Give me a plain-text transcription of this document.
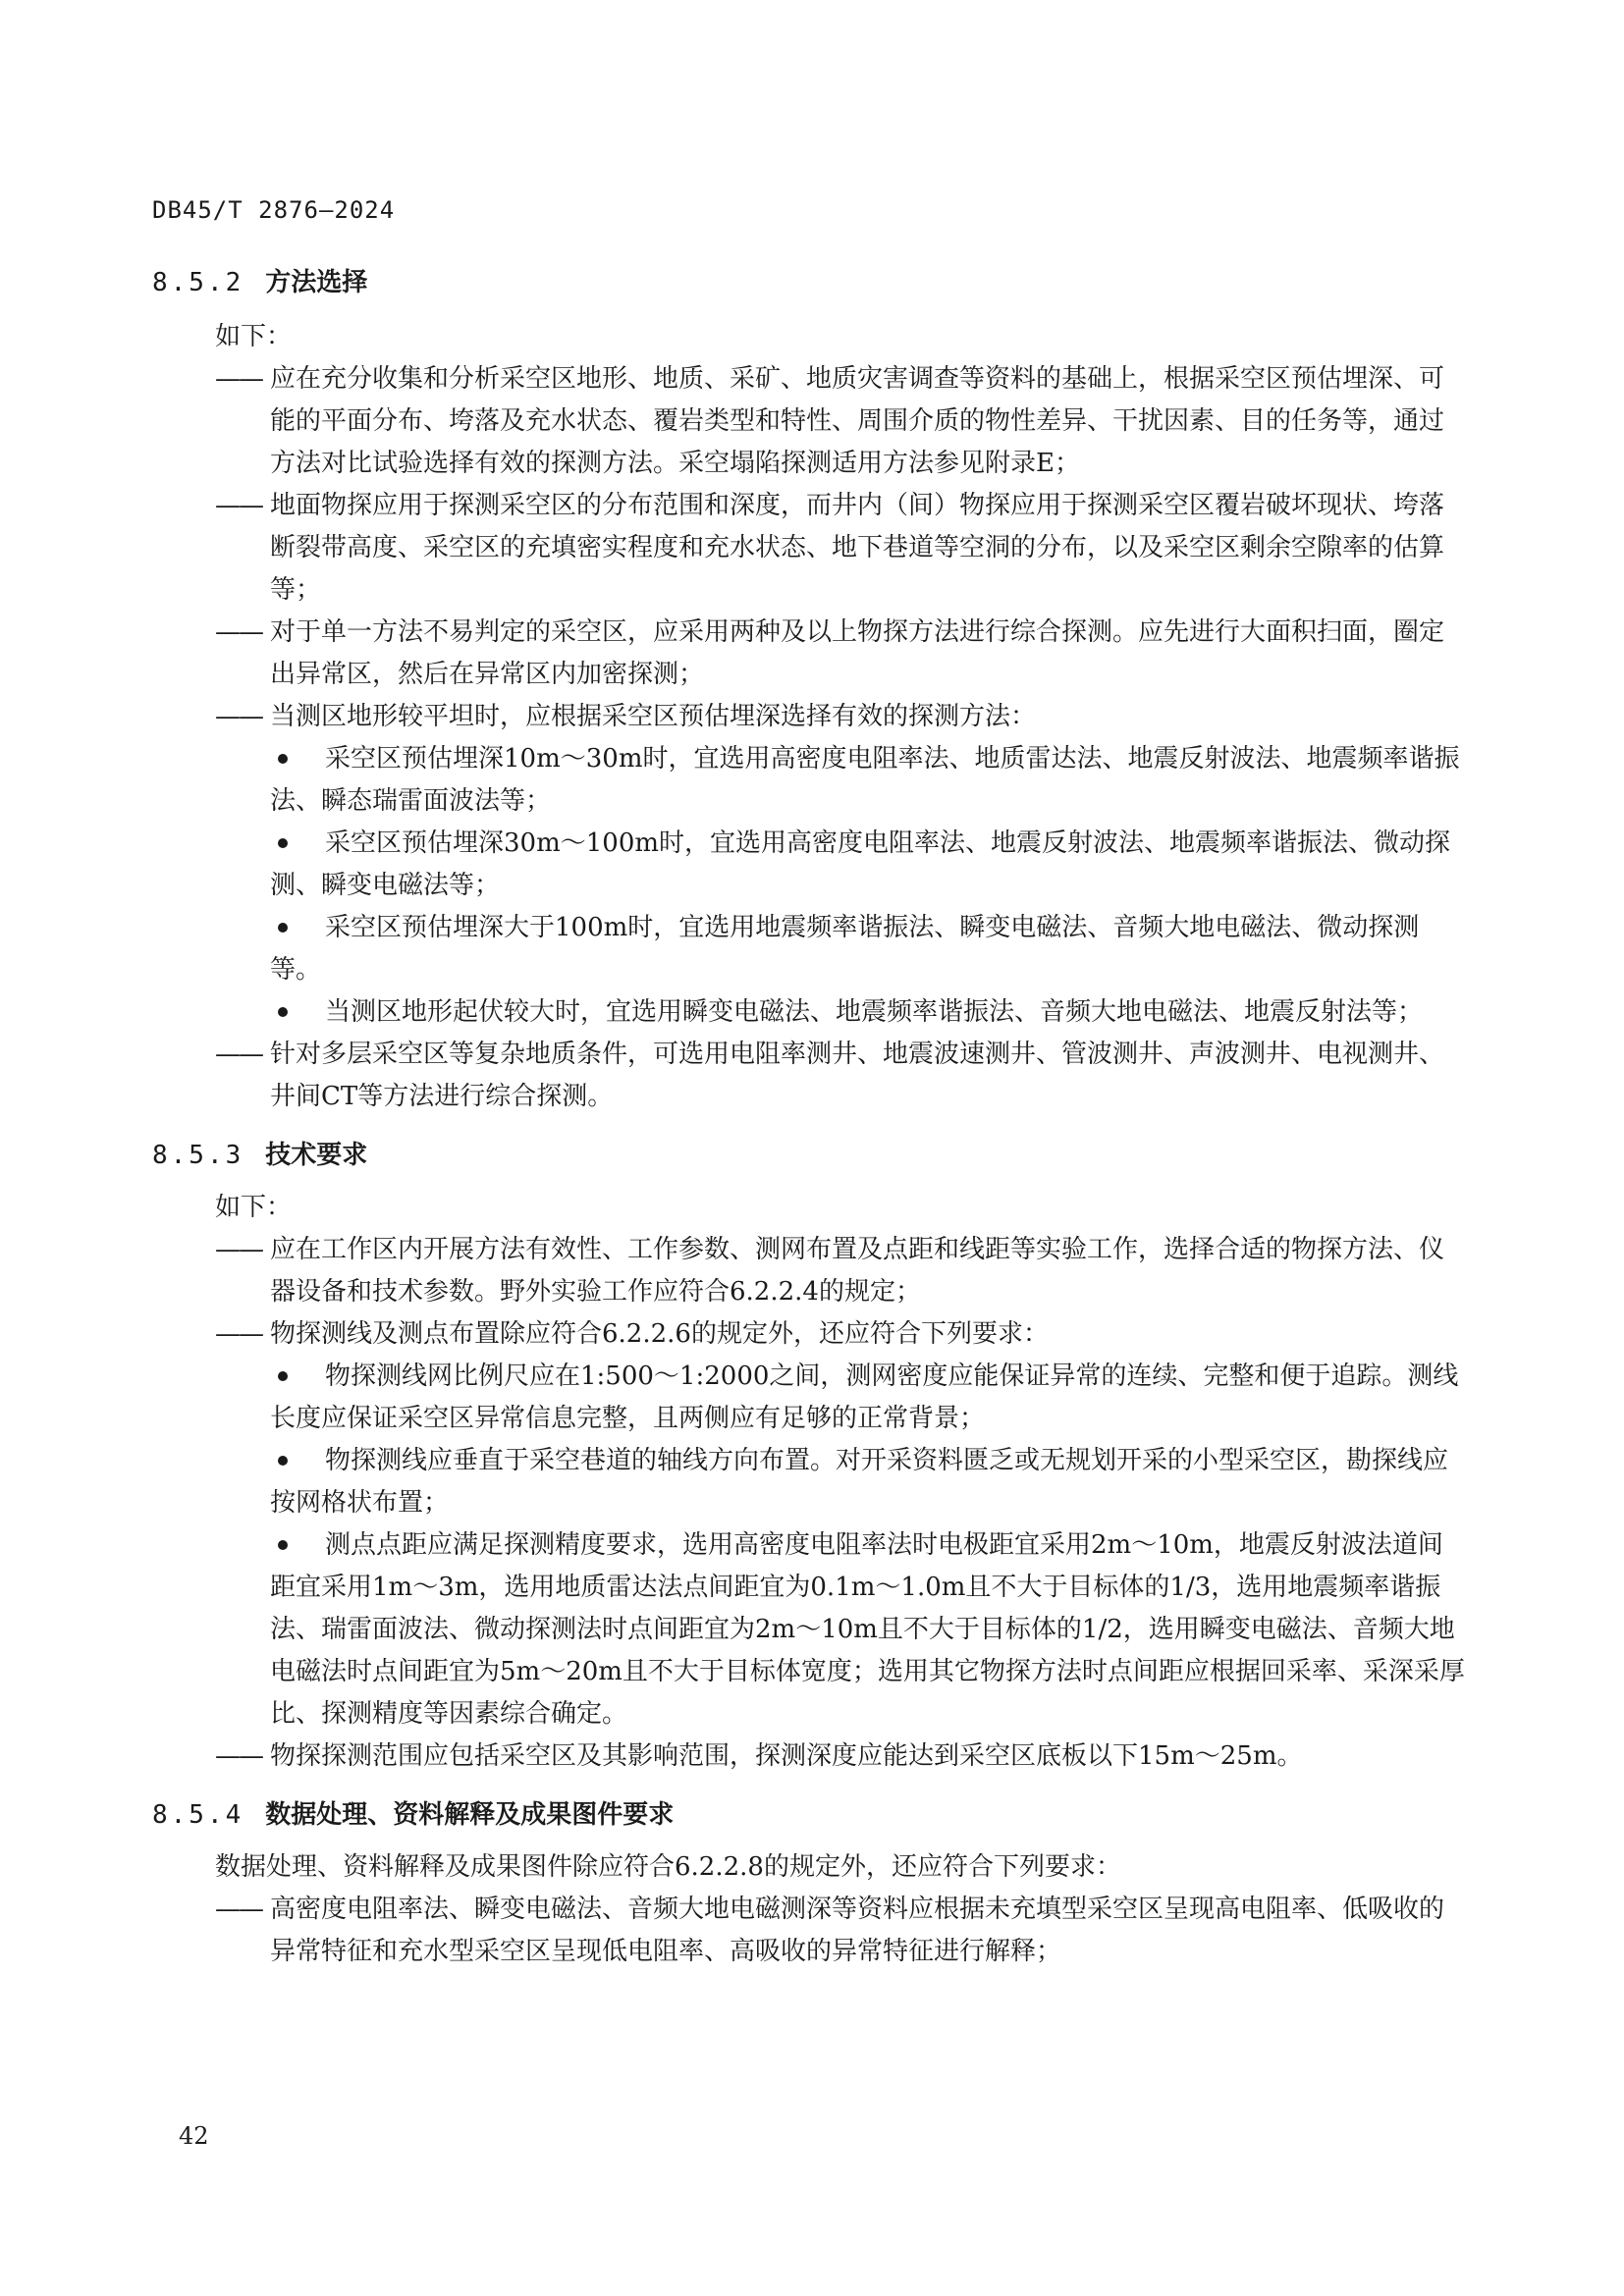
DB45/T 2876—2024

8.5.2 方法选择

如下：

—— 应在充分收集和分析采空区地形、地质、采矿、地质灾害调查等资料的基础上，根据采空区预估埋深、可能的平面分布、垮落及充水状态、覆岩类型和特性、周围介质的物性差异、干扰因素、目的任务等，通过方法对比试验选择有效的探测方法。采空塌陷探测适用方法参见附录E；

—— 地面物探应用于探测采空区的分布范围和深度，而井内（间）物探应用于探测采空区覆岩破坏现状、垮落断裂带高度、采空区的充填密实程度和充水状态、地下巷道等空洞的分布，以及采空区剩余空隙率的估算等；

—— 对于单一方法不易判定的采空区，应采用两种及以上物探方法进行综合探测。应先进行大面积扫面，圈定出异常区，然后在异常区内加密探测；

—— 当测区地形较平坦时，应根据采空区预估埋深选择有效的探测方法：

采空区预估埋深10m～30m时，宜选用高密度电阻率法、地质雷达法、地震反射波法、地震频率谐振法、瞬态瑞雷面波法等；

采空区预估埋深30m～100m时，宜选用高密度电阻率法、地震反射波法、地震频率谐振法、微动探测、瞬变电磁法等；

采空区预估埋深大于100m时，宜选用地震频率谐振法、瞬变电磁法、音频大地电磁法、微动探测等。

当测区地形起伏较大时，宜选用瞬变电磁法、地震频率谐振法、音频大地电磁法、地震反射法等；

—— 针对多层采空区等复杂地质条件，可选用电阻率测井、地震波速测井、管波测井、声波测井、电视测井、井间CT等方法进行综合探测。

8.5.3 技术要求

如下：

—— 应在工作区内开展方法有效性、工作参数、测网布置及点距和线距等实验工作，选择合适的物探方法、仪器设备和技术参数。野外实验工作应符合6.2.2.4的规定；

—— 物探测线及测点布置除应符合6.2.2.6的规定外，还应符合下列要求：

物探测线网比例尺应在1:500～1:2000之间，测网密度应能保证异常的连续、完整和便于追踪。测线长度应保证采空区异常信息完整，且两侧应有足够的正常背景；

物探测线应垂直于采空巷道的轴线方向布置。对开采资料匮乏或无规划开采的小型采空区，勘探线应按网格状布置；

测点点距应满足探测精度要求，选用高密度电阻率法时电极距宜采用2m～10m，地震反射波法道间距宜采用1m～3m，选用地质雷达法点间距宜为0.1m～1.0m且不大于目标体的1/3，选用地震频率谐振法、瑞雷面波法、微动探测法时点间距宜为2m～10m且不大于目标体的1/2，选用瞬变电磁法、音频大地电磁法时点间距宜为5m～20m且不大于目标体宽度；选用其它物探方法时点间距应根据回采率、采深采厚比、探测精度等因素综合确定。

—— 物探探测范围应包括采空区及其影响范围，探测深度应能达到采空区底板以下15m～25m。

8.5.4 数据处理、资料解释及成果图件要求

数据处理、资料解释及成果图件除应符合6.2.2.8的规定外，还应符合下列要求：

—— 高密度电阻率法、瞬变电磁法、音频大地电磁测深等资料应根据未充填型采空区呈现高电阻率、低吸收的异常特征和充水型采空区呈现低电阻率、高吸收的异常特征进行解释；

42
